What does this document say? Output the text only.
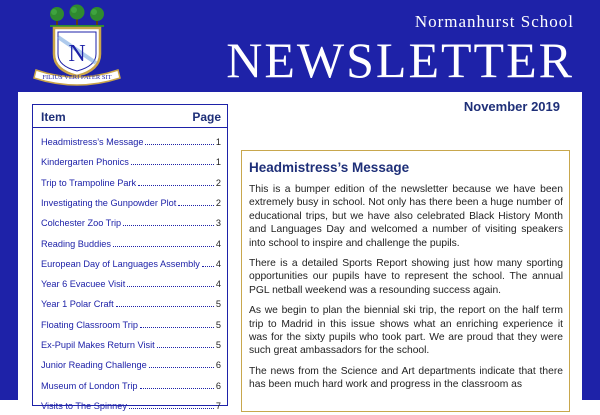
N
FILIUS VERI PATER SIT
Normanhurst School
NEWSLETTER
November 2019
Item	Page
Headmistress’s Message	1
Kindergarten Phonics	1
Trip to Trampoline Park	2
Investigating the Gunpowder Plot	2
Colchester Zoo Trip	3
Reading Buddies	4
European Day of Languages Assembly 4
Year 6 Evacuee Visit	4
Year 1 Polar Craft	5
Floating Classroom Trip	5
Ex-Pupil Makes Return Visit	5
Junior Reading Challenge	6
Museum of London Trip	6
Visits to The Spinney	7
Headmistress’s Message

This is a bumper edition of the newsletter because we have been extremely busy in school. Not only has there been a huge number of educational trips, but we have also celebrated Black History Month and Languages Day and welcomed a number of visiting speakers into school to inspire and challenge the pupils.

There is a detailed Sports Report showing just how many sporting opportunities our pupils have to represent the school. The annual PGL netball weekend was a resounding success again.

As we begin to plan the biennial ski trip, the report on the half term trip to Madrid in this issue shows what an enriching experience it was for the sixty pupils who took part. We are proud that they were such great ambassadors for the school.

The news from the Science and Art departments indicate that there has been much hard work and progress in the classroom as
